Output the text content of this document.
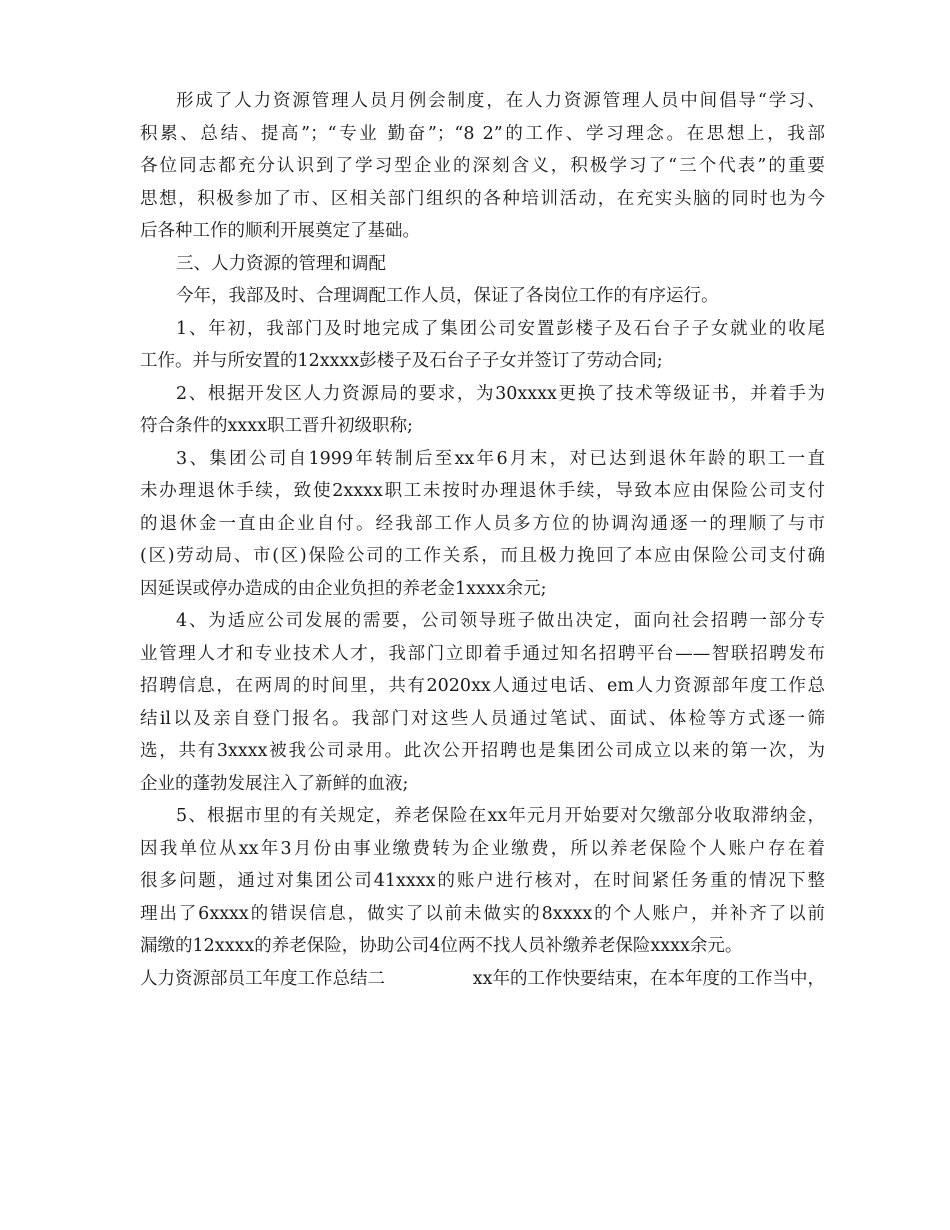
形成了人力资源管理人员月例会制度，在人力资源管理人员中间倡导“学习、
积累、总结、提高”；“专业 勤奋”；“8 2”的工作、学习理念。在思想上，我部
各位同志都充分认识到了学习型企业的深刻含义，积极学习了“三个代表”的重要
思想，积极参加了市、区相关部门组织的各种培训活动，在充实头脑的同时也为今
后各种工作的顺利开展奠定了基础。
三、人力资源的管理和调配
今年，我部及时、合理调配工作人员，保证了各岗位工作的有序运行。
1、年初，我部门及时地完成了集团公司安置彭楼子及石台子子女就业的收尾
工作。并与所安置的12xxxx彭楼子及石台子子女并签订了劳动合同;
2、根据开发区人力资源局的要求，为30xxxx更换了技术等级证书，并着手为
符合条件的xxxx职工晋升初级职称;
3、集团公司自1999年转制后至xx年6月末，对已达到退休年龄的职工一直
未办理退休手续，致使2xxxx职工未按时办理退休手续，导致本应由保险公司支付
的退休金一直由企业自付。经我部工作人员多方位的协调沟通逐一的理顺了与市
(区)劳动局、市(区)保险公司的工作关系，而且极力挽回了本应由保险公司支付确
因延误或停办造成的由企业负担的养老金1xxxx余元;
4、为适应公司发展的需要，公司领导班子做出决定，面向社会招聘一部分专
业管理人才和专业技术人才，我部门立即着手通过知名招聘平台——智联招聘发布
招聘信息，在两周的时间里，共有2020xx人通过电话、em人力资源部年度工作总
结il以及亲自登门报名。我部门对这些人员通过笔试、面试、体检等方式逐一筛
选，共有3xxxx被我公司录用。此次公开招聘也是集团公司成立以来的第一次，为
企业的蓬勃发展注入了新鲜的血液;
5、根据市里的有关规定，养老保险在xx年元月开始要对欠缴部分收取滞纳金，
因我单位从xx年3月份由事业缴费转为企业缴费，所以养老保险个人账户存在着
很多问题，通过对集团公司41xxxx的账户进行核对，在时间紧任务重的情况下整
理出了6xxxx的错误信息，做实了以前未做实的8xxxx的个人账户，并补齐了以前
漏缴的12xxxx的养老保险，协助公司4位两不找人员补缴养老保险xxxx余元。
人力资源部员工年度工作总结二	xx年的工作快要结束，在本年度的工作当中，
